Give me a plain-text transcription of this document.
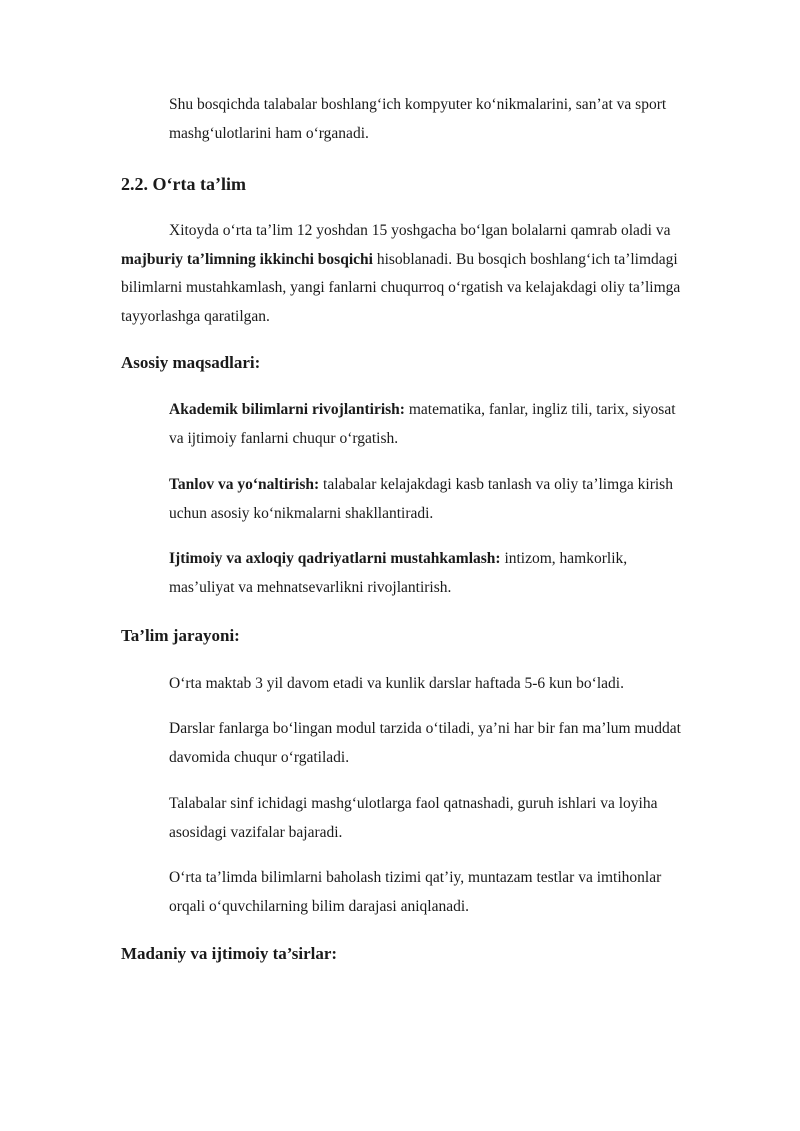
Shu bosqichda talabalar boshlang‘ich kompyuter ko‘nikmalarini, san’at va sport mashg‘ulotlarini ham o‘rganadi.

2.2. O‘rta ta’lim

Xitoyda o‘rta ta’lim 12 yoshdan 15 yoshgacha bo‘lgan bolalarni qamrab oladi va majburiy ta’limning ikkinchi bosqichi hisoblanadi. Bu bosqich boshlang‘ich ta’limdagi bilimlarni mustahkamlash, yangi fanlarni chuqurroq o‘rgatish va kelajakdagi oliy ta’limga tayyorlashga qaratilgan.

Asosiy maqsadlari:

Akademik bilimlarni rivojlantirish: matematika, fanlar, ingliz tili, tarix, siyosat va ijtimoiy fanlarni chuqur o‘rgatish.

Tanlov va yo‘naltirish: talabalar kelajakdagi kasb tanlash va oliy ta’limga kirish uchun asosiy ko‘nikmalarni shakllantiradi.

Ijtimoiy va axloqiy qadriyatlarni mustahkamlash: intizom, hamkorlik, mas’uliyat va mehnatsevarlikni rivojlantirish.

Ta’lim jarayoni:

O‘rta maktab 3 yil davom etadi va kunlik darslar haftada 5-6 kun bo‘ladi.

Darslar fanlarga bo‘lingan modul tarzida o‘tiladi, ya’ni har bir fan ma’lum muddat davomida chuqur o‘rgatiladi.

Talabalar sinf ichidagi mashg‘ulotlarga faol qatnashadi, guruh ishlari va loyiha asosidagi vazifalar bajaradi.

O‘rta ta’limda bilimlarni baholash tizimi qat’iy, muntazam testlar va imtihonlar orqali o‘quvchilarning bilim darajasi aniqlanadi.

Madaniy va ijtimoiy ta’sirlar:
